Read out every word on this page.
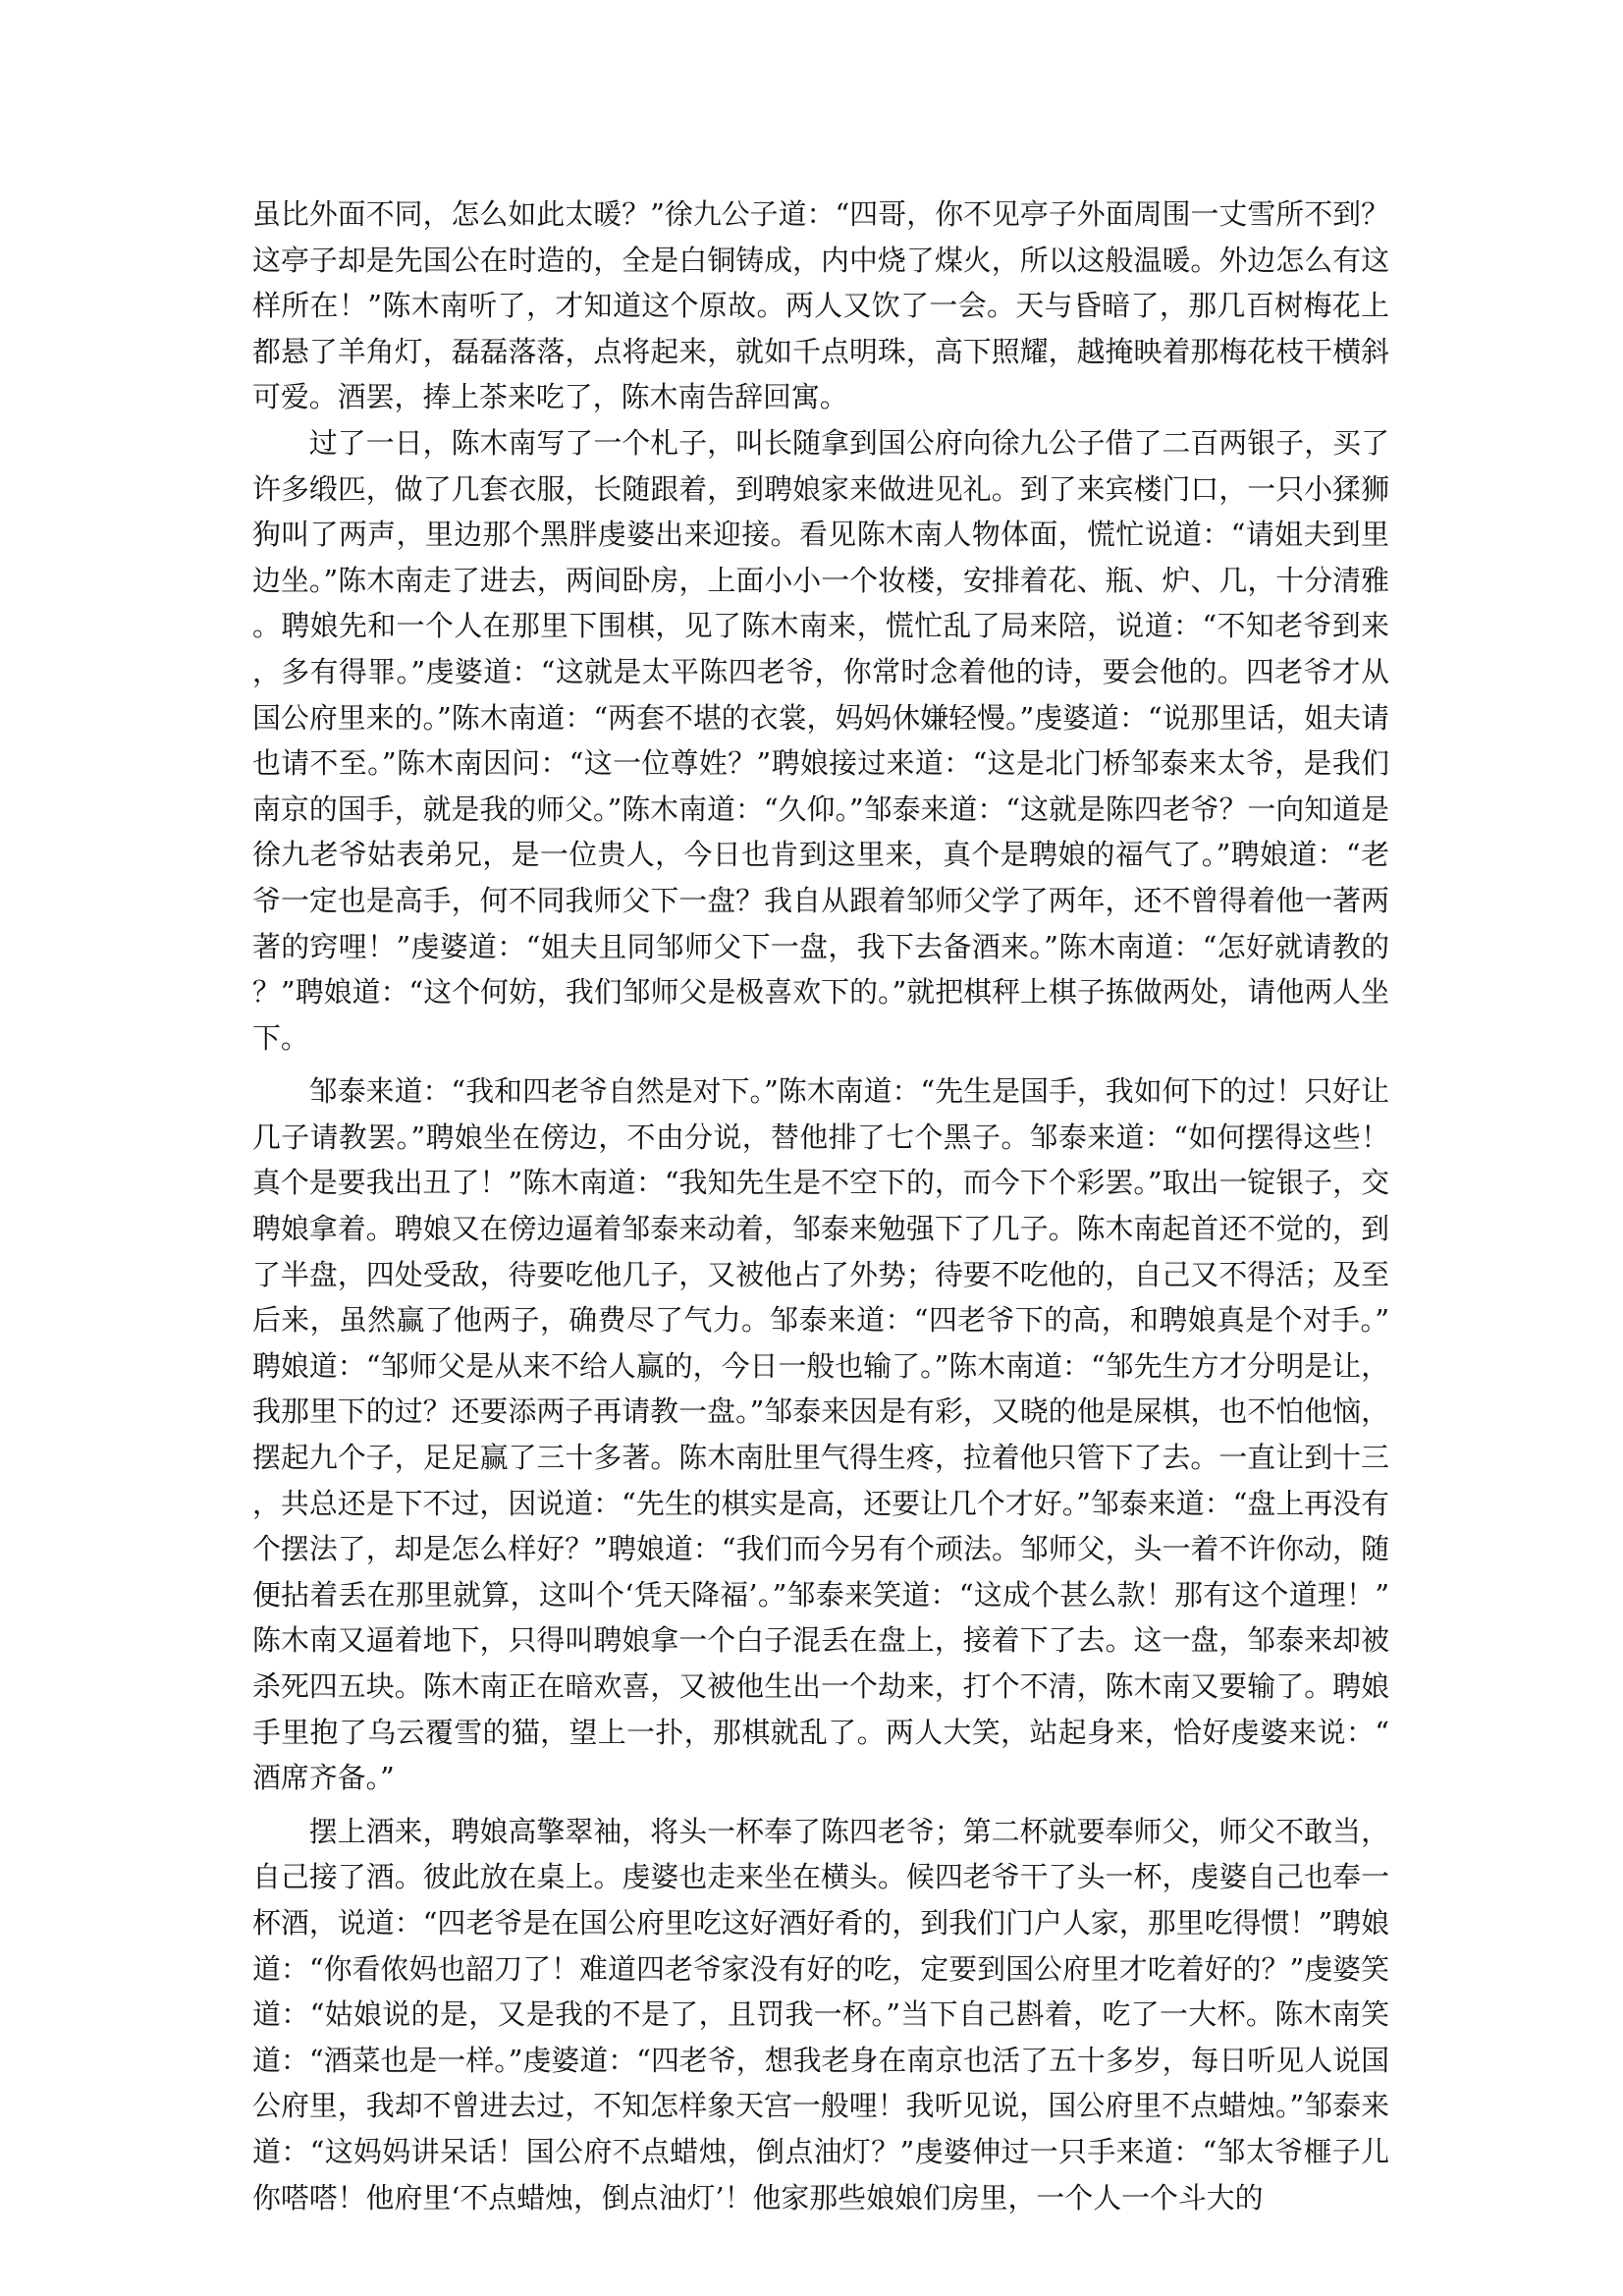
虽比外面不同，怎么如此太暖？”徐九公子道：“四哥，你不见亭子外面周围一丈雪所不到？这亭子却是先国公在时造的，全是白铜铸成，内中烧了煤火，所以这般温暖。外边怎么有这样所在！”陈木南听了，才知道这个原故。两人又饮了一会。天与昏暗了，那几百树梅花上都悬了羊角灯，磊磊落落，点将起来，就如千点明珠，高下照耀，越掩映着那梅花枝干横斜可爱。酒罢，捧上茶来吃了，陈木南告辞回寓。

过了一日，陈木南写了一个札子，叫长随拿到国公府向徐九公子借了二百两银子，买了许多缎匹，做了几套衣服，长随跟着，到聘娘家来做进见礼。到了来宾楼门口，一只小猱狮狗叫了两声，里边那个黑胖虔婆出来迎接。看见陈木南人物体面，慌忙说道：“请姐夫到里边坐。”陈木南走了进去，两间卧房，上面小小一个妆楼，安排着花、瓶、炉、几，十分清雅。聘娘先和一个人在那里下围棋，见了陈木南来，慌忙乱了局来陪，说道：“不知老爷到来，多有得罪。”虔婆道：“这就是太平陈四老爷，你常时念着他的诗，要会他的。四老爷才从国公府里来的。”陈木南道：“两套不堪的衣裳，妈妈休嫌轻慢。”虔婆道：“说那里话，姐夫请也请不至。”陈木南因问：“这一位尊姓？”聘娘接过来道：“这是北门桥邹泰来太爷，是我们南京的国手，就是我的师父。”陈木南道：“久仰。”邹泰来道：“这就是陈四老爷？一向知道是徐九老爷姑表弟兄，是一位贵人，今日也肯到这里来，真个是聘娘的福气了。”聘娘道：“老爷一定也是高手，何不同我师父下一盘？我自从跟着邹师父学了两年，还不曾得着他一著两著的窍哩！”虔婆道：“姐夫且同邹师父下一盘，我下去备酒来。”陈木南道：“怎好就请教的？”聘娘道：“这个何妨，我们邹师父是极喜欢下的。”就把棋秤上棋子拣做两处，请他两人坐下。

邹泰来道：“我和四老爷自然是对下。”陈木南道：“先生是国手，我如何下的过！只好让几子请教罢。”聘娘坐在傍边，不由分说，替他排了七个黑子。邹泰来道：“如何摆得这些！真个是要我出丑了！”陈木南道：“我知先生是不空下的，而今下个彩罢。”取出一锭银子，交聘娘拿着。聘娘又在傍边逼着邹泰来动着，邹泰来勉强下了几子。陈木南起首还不觉的，到了半盘，四处受敌，待要吃他几子，又被他占了外势；待要不吃他的，自己又不得活；及至后来，虽然赢了他两子，确费尽了气力。邹泰来道：“四老爷下的高，和聘娘真是个对手。”聘娘道：“邹师父是从来不给人赢的，今日一般也输了。”陈木南道：“邹先生方才分明是让，我那里下的过？还要添两子再请教一盘。”邹泰来因是有彩，又晓的他是屎棋，也不怕他恼，摆起九个子，足足赢了三十多著。陈木南肚里气得生疼，拉着他只管下了去。一直让到十三，共总还是下不过，因说道：“先生的棋实是高，还要让几个才好。”邹泰来道：“盘上再没有个摆法了，却是怎么样好？”聘娘道：“我们而今另有个顽法。邹师父，头一着不许你动，随便拈着丢在那里就算，这叫个‘凭天降福’。”邹泰来笑道：“这成个甚么款！那有这个道理！”陈木南又逼着地下，只得叫聘娘拿一个白子混丢在盘上，接着下了去。这一盘，邹泰来却被杀死四五块。陈木南正在暗欢喜，又被他生出一个劫来，打个不清，陈木南又要输了。聘娘手里抱了乌云覆雪的猫，望上一扑，那棋就乱了。两人大笑，站起身来，恰好虔婆来说：“酒席齐备。”

摆上酒来，聘娘高擎翠袖，将头一杯奉了陈四老爷；第二杯就要奉师父，师父不敢当，自己接了酒。彼此放在桌上。虔婆也走来坐在横头。候四老爷干了头一杯，虔婆自己也奉一杯酒，说道：“四老爷是在国公府里吃这好酒好肴的，到我们门户人家，那里吃得惯！”聘娘道：“你看侬妈也韶刀了！难道四老爷家没有好的吃，定要到国公府里才吃着好的？”虔婆笑道：“姑娘说的是，又是我的不是了，且罚我一杯。”当下自己斟着，吃了一大杯。陈木南笑道：“酒菜也是一样。”虔婆道：“四老爷，想我老身在南京也活了五十多岁，每日听见人说国公府里，我却不曾进去过，不知怎样象天宫一般哩！我听见说，国公府里不点蜡烛。”邹泰来道：“这妈妈讲呆话！国公府不点蜡烛，倒点油灯？”虔婆伸过一只手来道：“邹太爷榧子儿你嗒嗒！他府里‘不点蜡烛，倒点油灯’！他家那些娘娘们房里，一个人一个斗大的
